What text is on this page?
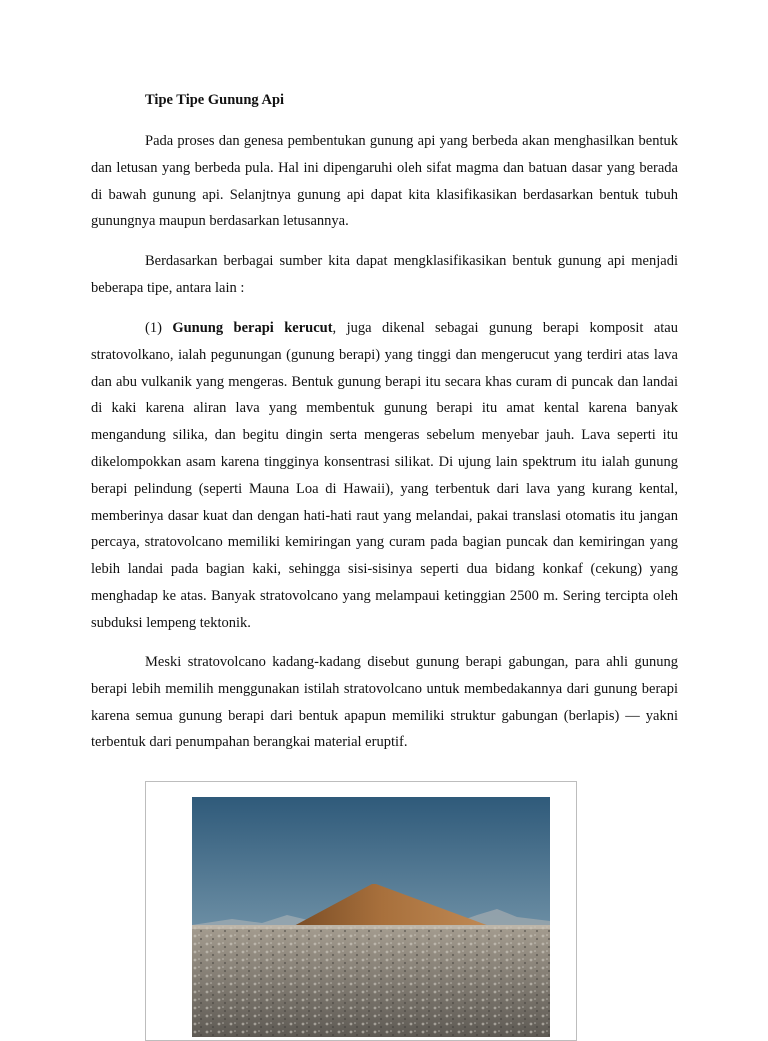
Tipe Tipe Gunung Api

Pada proses dan genesa pembentukan gunung api yang berbeda akan menghasilkan bentuk dan letusan yang berbeda pula. Hal ini dipengaruhi oleh sifat magma dan batuan dasar yang berada di bawah gunung api. Selanjtnya gunung api dapat kita klasifikasikan berdasarkan bentuk tubuh gunungnya maupun berdasarkan letusannya.

Berdasarkan berbagai sumber kita dapat mengklasifikasikan bentuk gunung api menjadi beberapa tipe, antara lain :

(1) Gunung berapi kerucut, juga dikenal sebagai gunung berapi komposit atau stratovolkano, ialah pegunungan (gunung berapi) yang tinggi dan mengerucut yang terdiri atas lava dan abu vulkanik yang mengeras. Bentuk gunung berapi itu secara khas curam di puncak dan landai di kaki karena aliran lava yang membentuk gunung berapi itu amat kental karena banyak mengandung silika, dan begitu dingin serta mengeras sebelum menyebar jauh. Lava seperti itu dikelompokkan asam karena tingginya konsentrasi silikat. Di ujung lain spektrum itu ialah gunung berapi pelindung (seperti Mauna Loa di Hawaii), yang terbentuk dari lava yang kurang kental, memberinya dasar kuat dan dengan hati-hati raut yang melandai, pakai translasi otomatis itu jangan percaya, stratovolcano memiliki kemiringan yang curam pada bagian puncak dan kemiringan yang lebih landai pada bagian kaki, sehingga sisi-sisinya seperti dua bidang konkaf (cekung) yang menghadap ke atas. Banyak stratovolcano yang melampaui ketinggian 2500 m. Sering tercipta oleh subduksi lempeng tektonik.

Meski stratovolcano kadang-kadang disebut gunung berapi gabungan, para ahli gunung berapi lebih memilih menggunakan istilah stratovolcano untuk membedakannya dari gunung berapi karena semua gunung berapi dari bentuk apapun memiliki struktur gabungan (berlapis) — yakni terbentuk dari penumpahan berangkai material eruptif.
